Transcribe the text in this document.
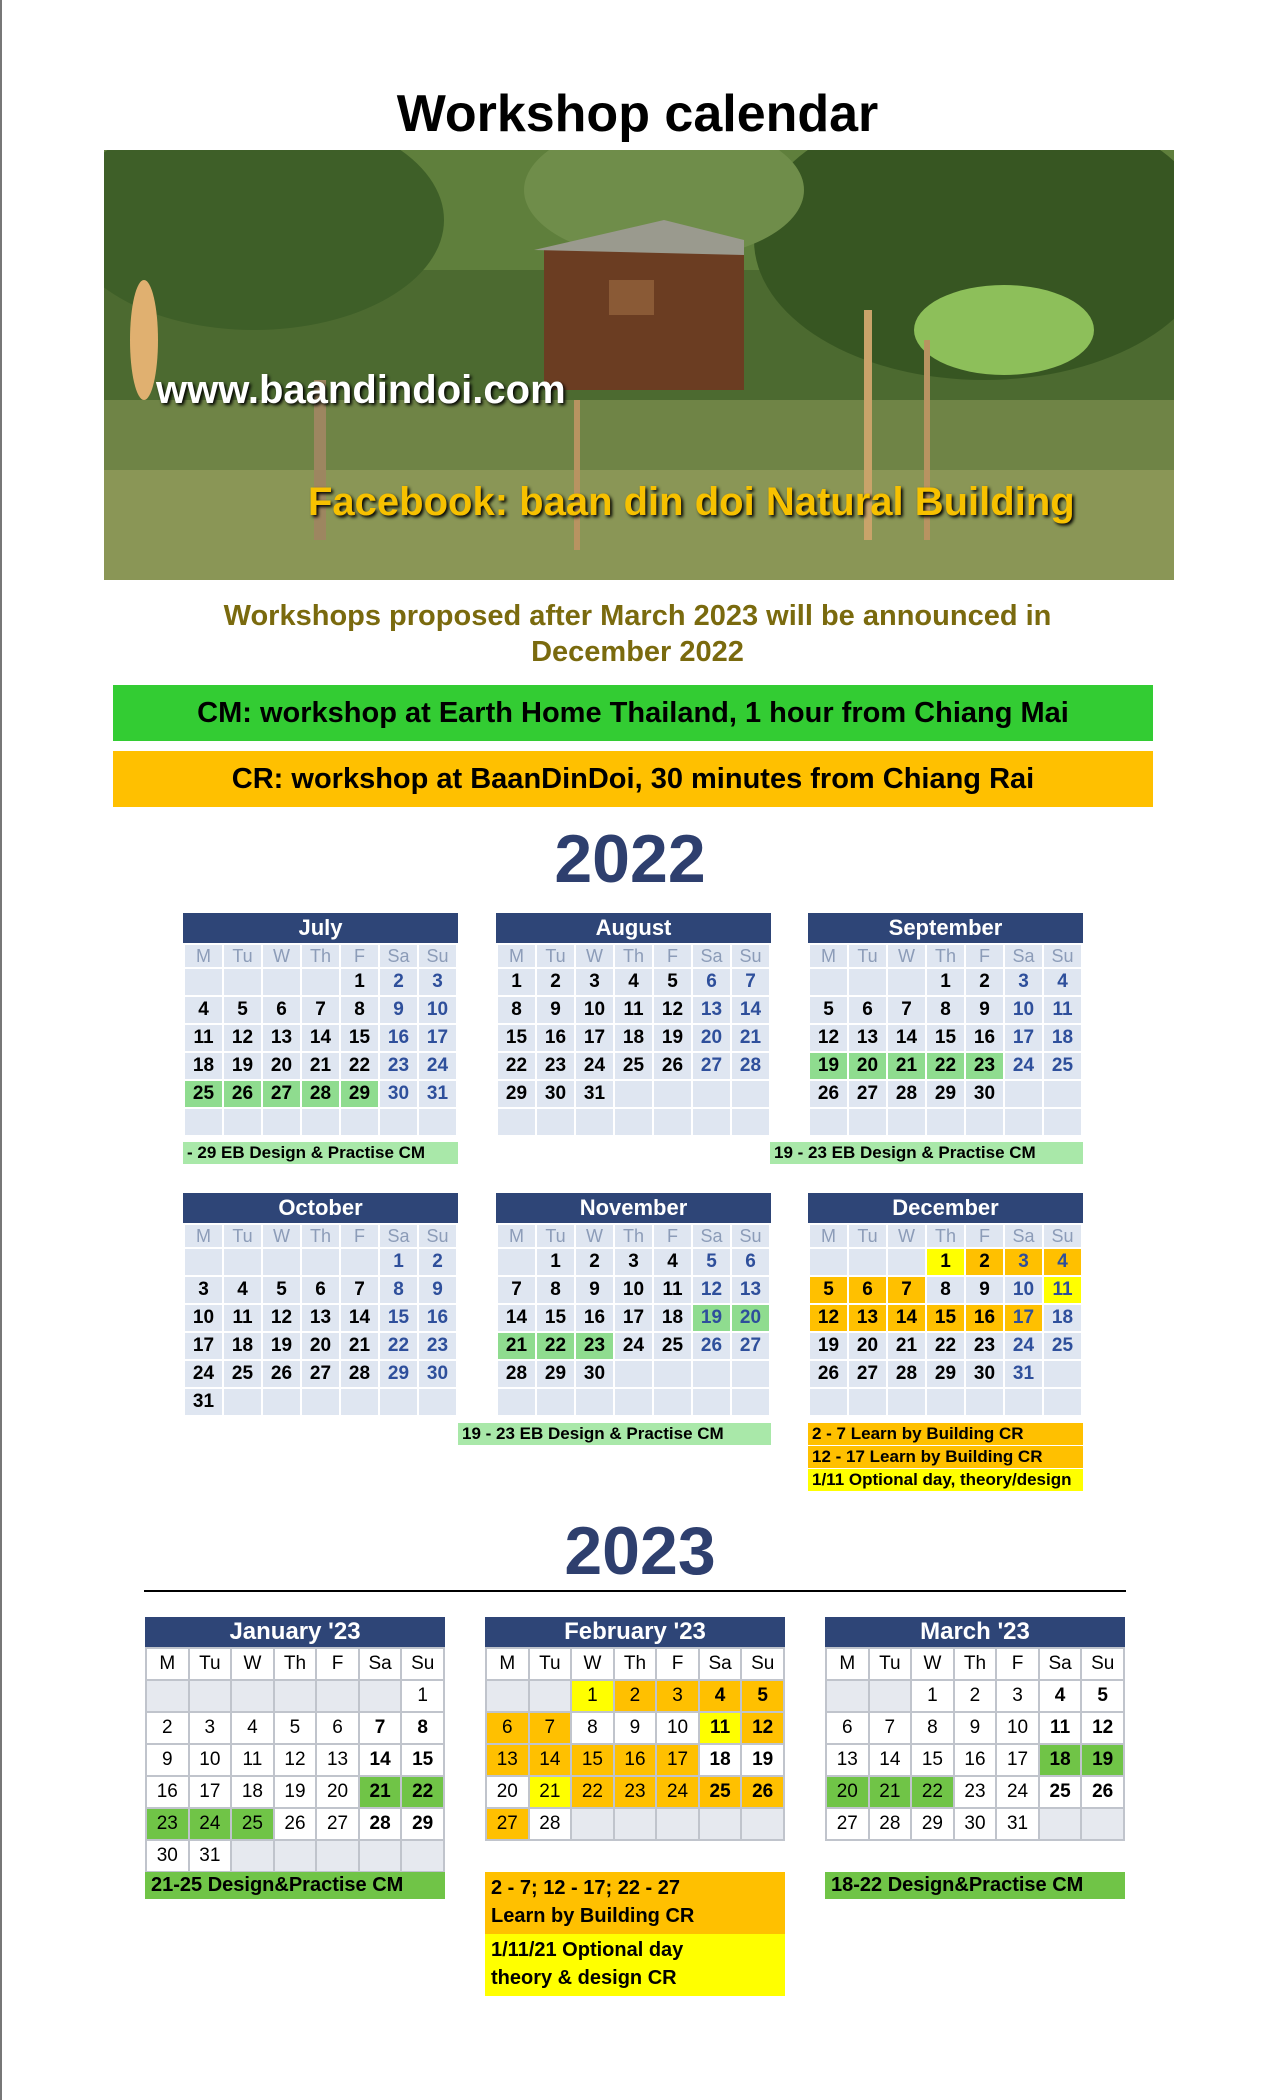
Workshop calendar
www.baandindoi.com
Facebook: baan din doi Natural Building
Workshops proposed after March 2023 will be announced in December 2022
CM: workshop at Earth Home Thailand, 1 hour from Chiang Mai
CR: workshop at BaanDinDoi, 30 minutes from Chiang Rai
2022
July
M	Tu	W	Th	F	Sa	Su
				1	2	3
4	5	6	7	8	9	10
11	12	13	14	15	16	17
18	19	20	21	22	23	24
25	26	27	28	29	30	31

August
M	Tu	W	Th	F	Sa	Su
1	2	3	4	5	6	7
8	9	10	11	12	13	14
15	16	17	18	19	20	21
22	23	24	25	26	27	28
29	30	31				

September
M	Tu	W	Th	F	Sa	Su
			1	2	3	4
5	6	7	8	9	10	11
12	13	14	15	16	17	18
19	20	21	22	23	24	25
26	27	28	29	30		

October
M	Tu	W	Th	F	Sa	Su
					1	2
3	4	5	6	7	8	9
10	11	12	13	14	15	16
17	18	19	20	21	22	23
24	25	26	27	28	29	30
31						
November
M	Tu	W	Th	F	Sa	Su
	1	2	3	4	5	6
7	8	9	10	11	12	13
14	15	16	17	18	19	20
21	22	23	24	25	26	27
28	29	30				

December
M	Tu	W	Th	F	Sa	Su
			1	2	3	4
5	6	7	8	9	10	11
12	13	14	15	16	17	18
19	20	21	22	23	24	25
26	27	28	29	30	31	

- 29 EB Design & Practise CM	19 - 23 EB Design & Practise CM
19 - 23 EB Design & Practise CM	2 - 7 Learn by Building CR
12 - 17 Learn by Building CR
1/11 Optional day, theory/design
2023
January '23
M	Tu	W	Th	F	Sa	Su
						1
2	3	4	5	6	7	8
9	10	11	12	13	14	15
16	17	18	19	20	21	22
23	24	25	26	27	28	29
30	31					
February '23
M	Tu	W	Th	F	Sa	Su
		1	2	3	4	5
6	7	8	9	10	11	12
13	14	15	16	17	18	19
20	21	22	23	24	25	26
27	28					
March '23
M	Tu	W	Th	F	Sa	Su
		1	2	3	4	5
6	7	8	9	10	11	12
13	14	15	16	17	18	19
20	21	22	23	24	25	26
27	28	29	30	31		
21-25 Design&Practise CM	2 - 7; 12 - 17; 22 - 27
Learn by Building CR
1/11/21 Optional day
theory & design CR
18-22 Design&Practise CM
